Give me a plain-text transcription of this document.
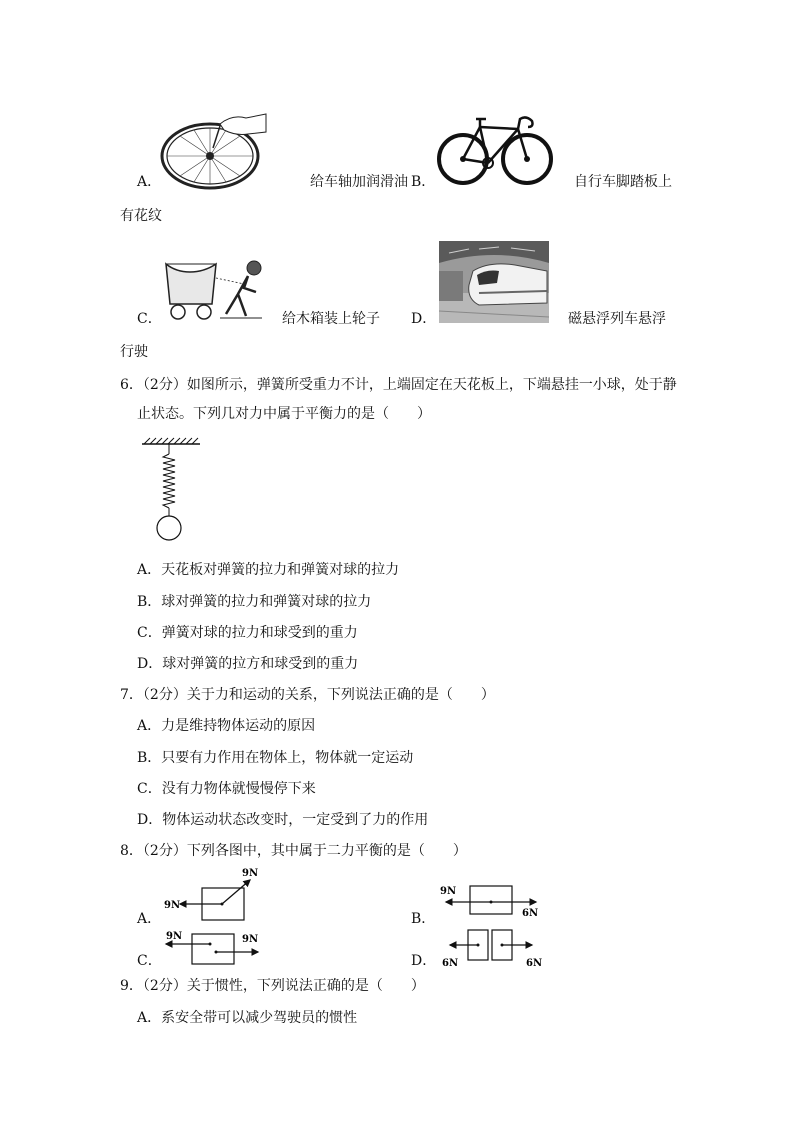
A．	给车轴加润滑油 B．	自行车脚踏板上
有花纹
C．	给木箱装上轮子 D．	磁悬浮列车悬浮
行驶
6．（2分）如图所示，弹簧所受重力不计，上端固定在天花板上，下端悬挂一小球，处于静
止状态。下列几对力中属于平衡力的是（　　）
A．天花板对弹簧的拉力和弹簧对球的拉力
B．球对弹簧的拉力和弹簧对球的拉力
C．弹簧对球的拉力和球受到的重力
D．球对弹簧的拉方和球受到的重力
7．（2分）关于力和运动的关系，下列说法正确的是（　　）
A．力是维持物体运动的原因
B．只要有力作用在物体上，物体就一定运动
C．没有力物体就慢慢停下来
D．物体运动状态改变时，一定受到了力的作用
8．（2分）下列各图中，其中属于二力平衡的是（　　）
A．
9N
9N
B．
9N
6N
C．
9N	9N
D． 6N	6N
9．（2分）关于惯性，下列说法正确的是（　　）
A．系安全带可以减少驾驶员的惯性
